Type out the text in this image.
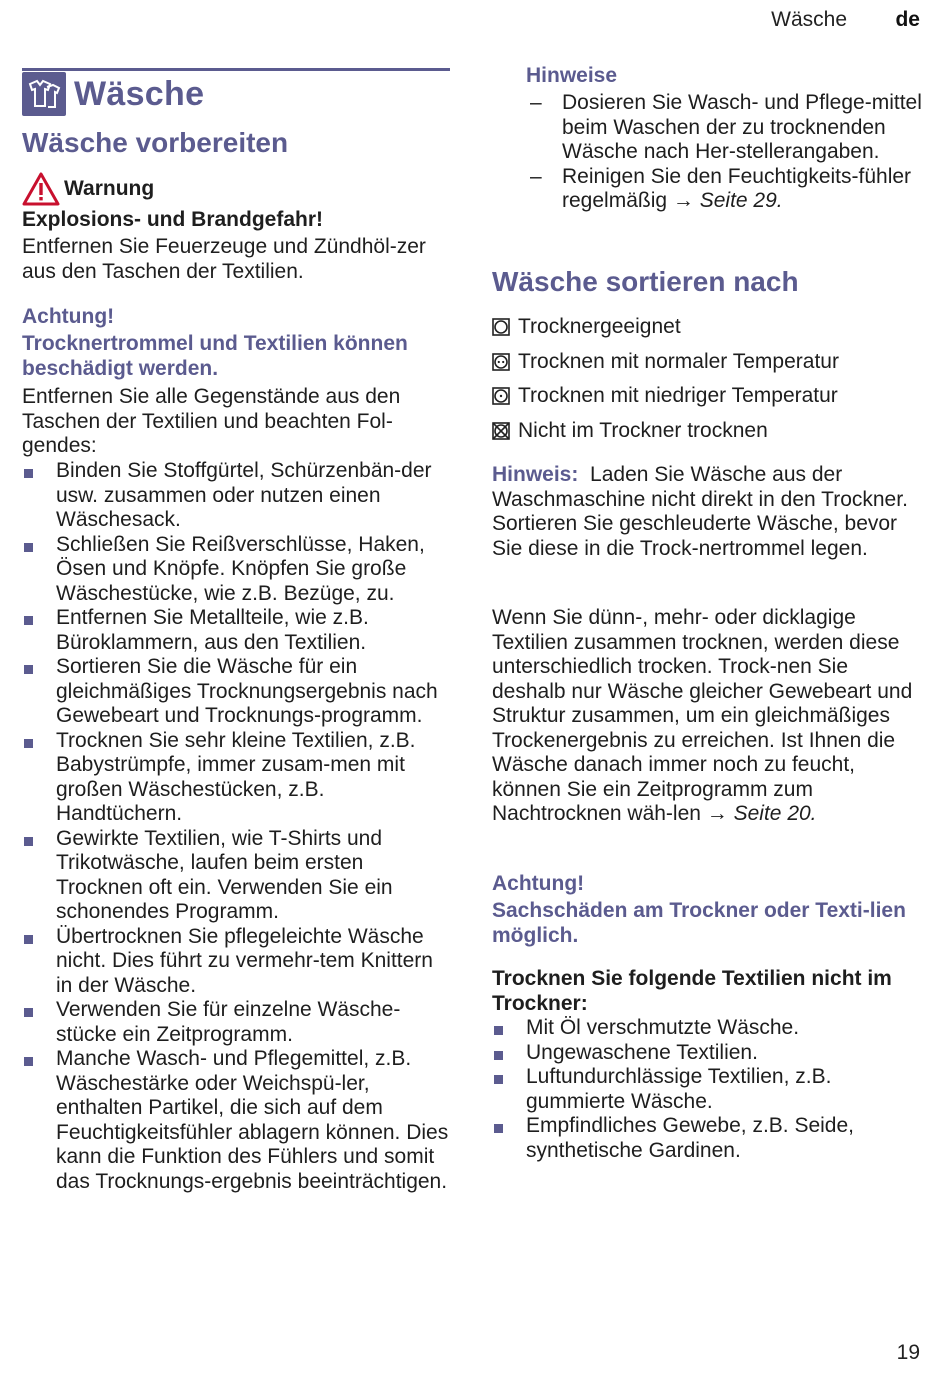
Wäsche de
Wäsche
Wäsche vorbereiten
Warnung
Explosions- und Brandgefahr!
Entfernen Sie Feuerzeuge und Zündhöl-zer aus den Taschen der Textilien.
Achtung!
Trocknertrommel und Textilien können beschädigt werden.
Entfernen Sie alle Gegenstände aus den Taschen der Textilien und beachten Fol-gendes:
Binden Sie Stoffgürtel, Schürzenbän-der usw. zusammen oder nutzen einen Wäschesack.
Schließen Sie Reißverschlüsse, Haken, Ösen und Knöpfe. Knöpfen Sie große Wäschestücke, wie z.B. Bezüge, zu.
Entfernen Sie Metallteile, wie z.B. Büroklammern, aus den Textilien.
Sortieren Sie die Wäsche für ein gleichmäßiges Trocknungsergebnis nach Gewebeart und Trocknungs-programm.
Trocknen Sie sehr kleine Textilien, z.B. Babystrümpfe, immer zusam-men mit großen Wäschestücken, z.B. Handtüchern.
Gewirkte Textilien, wie T-Shirts und Trikotwäsche, laufen beim ersten Trocknen oft ein. Verwenden Sie ein schonendes Programm.
Übertrocknen Sie pflegeleichte Wäsche nicht. Dies führt zu vermehr-tem Knittern in der Wäsche.
Verwenden Sie für einzelne Wäsche-stücke ein Zeitprogramm.
Manche Wasch- und Pflegemittel, z.B. Wäschestärke oder Weichspü-ler, enthalten Partikel, die sich auf dem Feuchtigkeitsfühler ablagern können. Dies kann die Funktion des Fühlers und somit das Trocknungs-ergebnis beeinträchtigen.
Hinweise
– Dosieren Sie Wasch- und Pflege-mittel beim Waschen der zu trocknenden Wäsche nach Her-stellerangaben.
– Reinigen Sie den Feuchtigkeits-fühler regelmäßig → Seite 29.
Wäsche sortieren nach
Trocknergeeignet
Trocknen mit normaler Temperatur
Trocknen mit niedriger Temperatur
Nicht im Trockner trocknen
Hinweis: Laden Sie Wäsche aus der Waschmaschine nicht direkt in den Trockner. Sortieren Sie geschleuderte Wäsche, bevor Sie diese in die Trock-nertrommel legen.
Wenn Sie dünn-, mehr- oder dicklagige Textilien zusammen trocknen, werden diese unterschiedlich trocken. Trock-nen Sie deshalb nur Wäsche gleicher Gewebeart und Struktur zusammen, um ein gleichmäßiges Trockenergebnis zu erreichen. Ist Ihnen die Wäsche danach immer noch zu feucht, können Sie ein Zeitprogramm zum Nachtrocknen wäh-len → Seite 20.
Achtung!
Sachschäden am Trockner oder Texti-lien möglich.
Trocknen Sie folgende Textilien nicht im Trockner:
Mit Öl verschmutzte Wäsche.
Ungewaschene Textilien.
Luftundurchlässige Textilien, z.B. gummierte Wäsche.
Empfindliches Gewebe, z.B. Seide, synthetische Gardinen.
19
